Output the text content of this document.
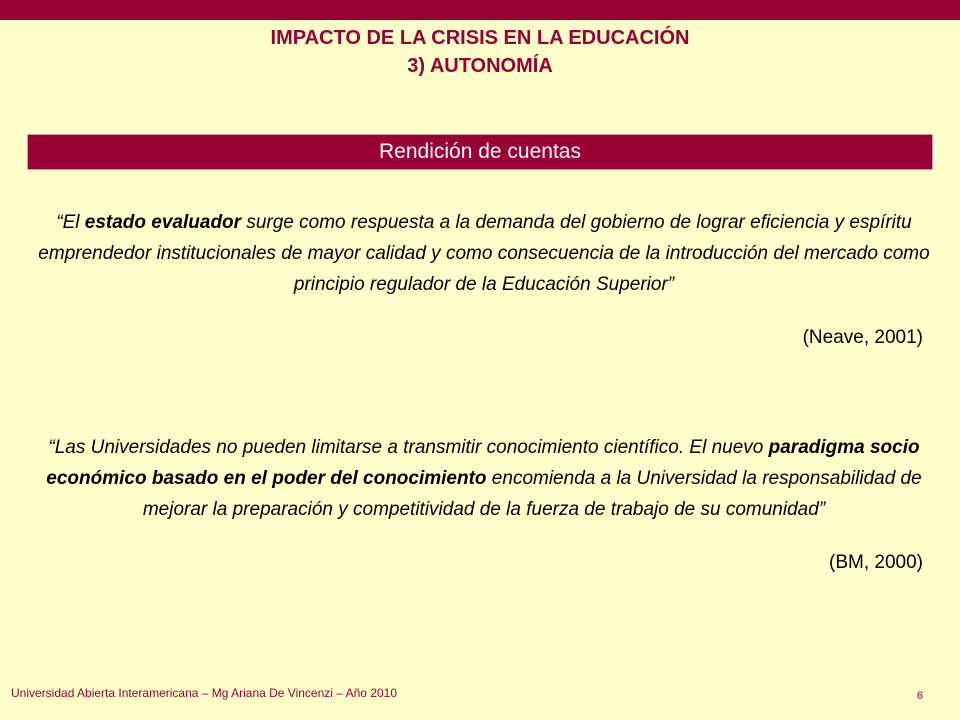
IMPACTO DE LA CRISIS EN LA EDUCACIÓN
3) AUTONOMÍA
Rendición de cuentas
“El estado evaluador surge como respuesta a la demanda del gobierno de lograr eficiencia y espíritu emprendedor institucionales de mayor calidad y como consecuencia de la introducción del mercado como principio regulador de la Educación Superior”
(Neave, 2001)
“Las Universidades no pueden limitarse a transmitir conocimiento científico. El nuevo paradigma socio económico basado en el poder del conocimiento encomienda a la Universidad la responsabilidad de mejorar la preparación y competitividad de la fuerza de trabajo de su comunidad”
(BM, 2000)
Universidad Abierta Interamericana – Mg Ariana De Vincenzi – Año 2010	6
